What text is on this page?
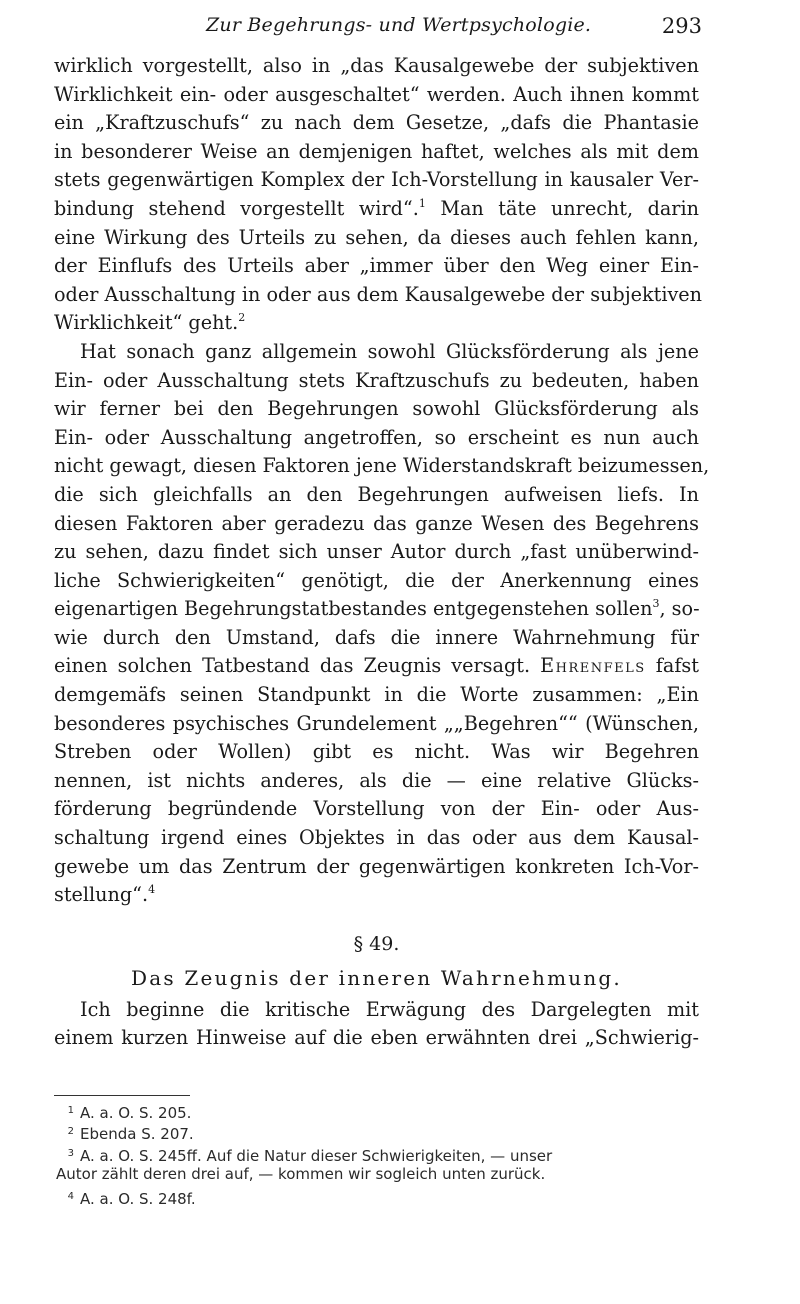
Zur Begehrungs- und Wertpsychologie.	293
wirklich vorgestellt, also in „das Kausalgewebe der subjektiven
Wirklichkeit ein- oder ausgeschaltet“ werden. Auch ihnen kommt
ein „Kraftzuschufs“ zu nach dem Gesetze, „dafs die Phantasie
in besonderer Weise an demjenigen haftet, welches als mit dem
stets gegenwärtigen Komplex der Ich-Vorstellung in kausaler Ver-
bindung stehend vorgestellt wird“.$^1$ Man täte unrecht, darin
eine Wirkung des Urteils zu sehen, da dieses auch fehlen kann,
der Einflufs des Urteils aber „immer über den Weg einer Ein-
oder Ausschaltung in oder aus dem Kausalgewebe der subjektiven
Wirklichkeit“ geht.$^2$
Hat sonach ganz allgemein sowohl Glücksförderung als jene
Ein- oder Ausschaltung stets Kraftzuschufs zu bedeuten, haben
wir ferner bei den Begehrungen sowohl Glücksförderung als
Ein- oder Ausschaltung angetroffen, so erscheint es nun auch
nicht gewagt, diesen Faktoren jene Widerstandskraft beizumessen,
die sich gleichfalls an den Begehrungen aufweisen liefs. In
diesen Faktoren aber geradezu das ganze Wesen des Begehrens
zu sehen, dazu findet sich unser Autor durch „fast unüberwind-
liche Schwierigkeiten“ genötigt, die der Anerkennung eines
eigenartigen Begehrungstatbestandes entgegenstehen sollen$^3$, so-
wie durch den Umstand, dafs die innere Wahrnehmung für
einen solchen Tatbestand das Zeugnis versagt. Ehrenfels fafst
demgemäfs seinen Standpunkt in die Worte zusammen: „Ein
besonderes psychisches Grundelement „„Begehren““ (Wünschen,
Streben oder Wollen) gibt es nicht. Was wir Begehren
nennen, ist nichts anderes, als die — eine relative Glücks-
förderung begründende Vorstellung von der Ein- oder Aus-
schaltung irgend eines Objektes in das oder aus dem Kausal-
gewebe um das Zentrum der gegenwärtigen konkreten Ich-Vor-
stellung“.$^4$
§ 49.
Das Zeugnis der inneren Wahrnehmung.
Ich beginne die kritische Erwägung des Dargelegten mit
einem kurzen Hinweise auf die eben erwähnten drei „Schwierig-
1 A. a. O. S. 205.
2 Ebenda S. 207.
3 A. a. O. S. 245ff. Auf die Natur dieser Schwierigkeiten, — unser
Autor zählt deren drei auf, — kommen wir sogleich unten zurück.
4 A. a. O. S. 248f.
